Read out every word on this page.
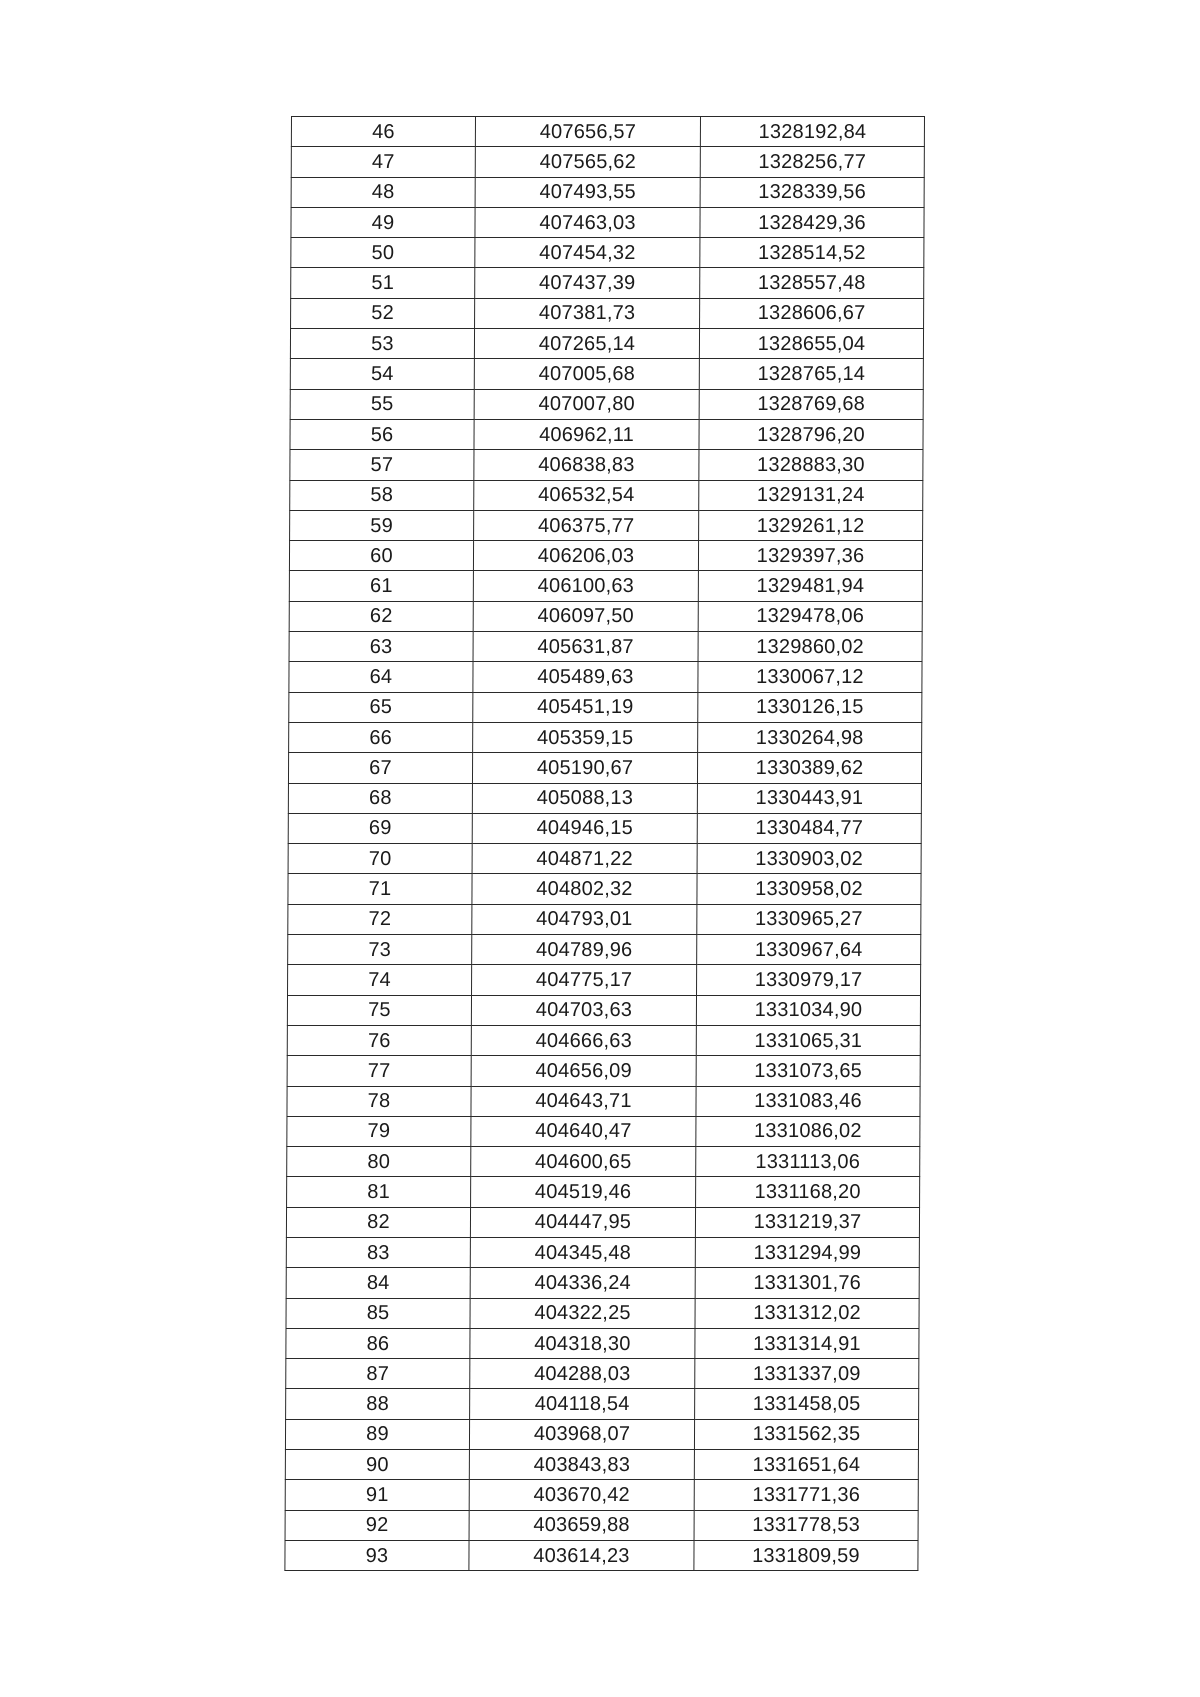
46	407656,57	1328192,84
47	407565,62	1328256,77
48	407493,55	1328339,56
49	407463,03	1328429,36
50	407454,32	1328514,52
51	407437,39	1328557,48
52	407381,73	1328606,67
53	407265,14	1328655,04
54	407005,68	1328765,14
55	407007,80	1328769,68
56	406962,11	1328796,20
57	406838,83	1328883,30
58	406532,54	1329131,24
59	406375,77	1329261,12
60	406206,03	1329397,36
61	406100,63	1329481,94
62	406097,50	1329478,06
63	405631,87	1329860,02
64	405489,63	1330067,12
65	405451,19	1330126,15
66	405359,15	1330264,98
67	405190,67	1330389,62
68	405088,13	1330443,91
69	404946,15	1330484,77
70	404871,22	1330903,02
71	404802,32	1330958,02
72	404793,01	1330965,27
73	404789,96	1330967,64
74	404775,17	1330979,17
75	404703,63	1331034,90
76	404666,63	1331065,31
77	404656,09	1331073,65
78	404643,71	1331083,46
79	404640,47	1331086,02
80	404600,65	1331113,06
81	404519,46	1331168,20
82	404447,95	1331219,37
83	404345,48	1331294,99
84	404336,24	1331301,76
85	404322,25	1331312,02
86	404318,30	1331314,91
87	404288,03	1331337,09
88	404118,54	1331458,05
89	403968,07	1331562,35
90	403843,83	1331651,64
91	403670,42	1331771,36
92	403659,88	1331778,53
93	403614,23	1331809,59
